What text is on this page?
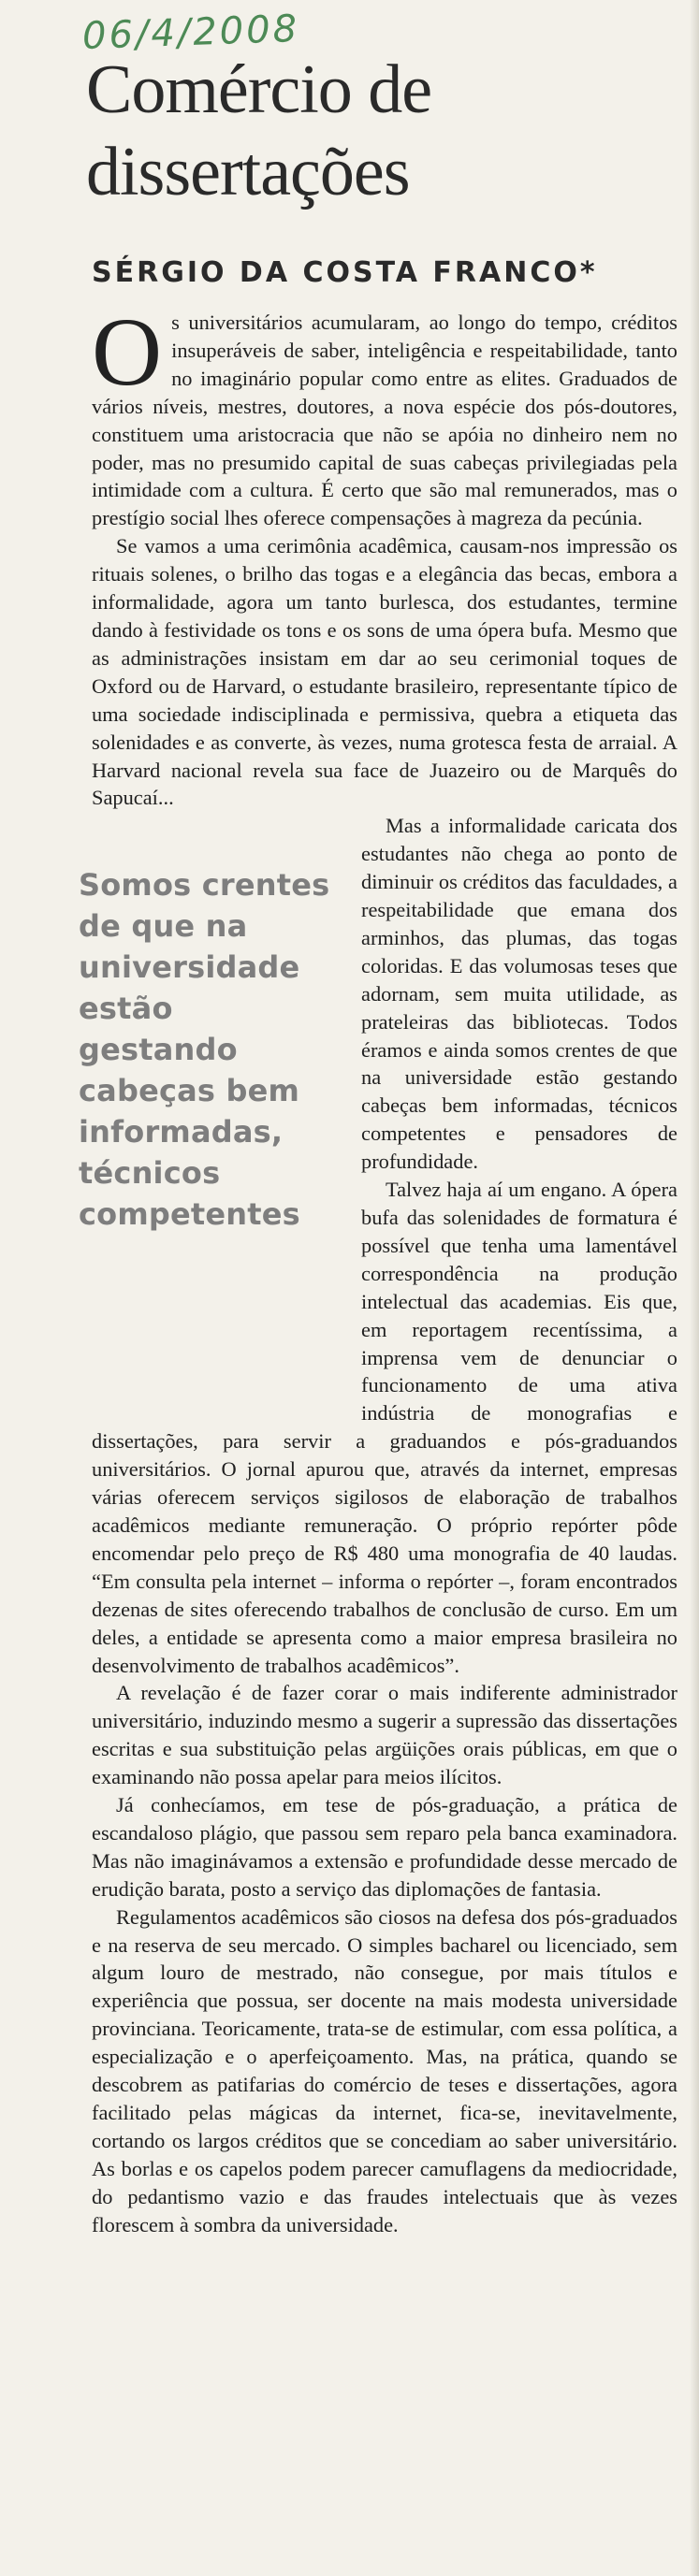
06/4/2008
Comércio de dissertações
SÉRGIO DA COSTA FRANCO*

Os universitários acumularam, ao longo do tempo, créditos insuperáveis de saber, inteligência e respeitabilidade, tanto no imaginário popular como entre as elites. Graduados de vários níveis, mestres, doutores, a nova espécie dos pós-doutores, constituem uma aristocracia que não se apóia no dinheiro nem no poder, mas no presumido capital de suas cabeças privilegiadas pela intimidade com a cultura. É certo que são mal remunerados, mas o prestígio social lhes oferece compensações à magreza da pecúnia.

Se vamos a uma cerimônia acadêmica, causam-nos impressão os rituais solenes, o brilho das togas e a elegância das becas, embora a informalidade, agora um tanto burlesca, dos estudantes, termine dando à festividade os tons e os sons de uma ópera bufa. Mesmo que as administrações insistam em dar ao seu cerimonial toques de Oxford ou de Harvard, o estudante brasileiro, representante típico de uma sociedade indisciplinada e permissiva, quebra a etiqueta das solenidades e as converte, às vezes, numa grotesca festa de arraial. A Harvard nacional revela sua face de Juazeiro ou de Marquês do Sapucaí...

Somos crentes de que na universidade estão gestando cabeças bem informadas, técnicos competentes

Mas a informalidade caricata dos estudantes não chega ao ponto de diminuir os créditos das faculdades, a respeitabilidade que emana dos arminhos, das plumas, das togas coloridas. E das volumosas teses que adornam, sem muita utilidade, as prateleiras das bibliotecas. Todos éramos e ainda somos crentes de que na universidade estão gestando cabeças bem informadas, técnicos competentes e pensadores de profundidade.

Talvez haja aí um engano. A ópera bufa das solenidades de formatura é possível que tenha uma lamentável correspondência na produção intelectual das academias. Eis que, em reportagem recentíssima, a imprensa vem de denunciar o funcionamento de uma ativa indústria de monografias e dissertações, para servir a graduandos e pós-graduandos universitários. O jornal apurou que, através da internet, empresas várias oferecem serviços sigilosos de elaboração de trabalhos acadêmicos mediante remuneração. O próprio repórter pôde encomendar pelo preço de R$ 480 uma monografia de 40 laudas. “Em consulta pela internet – informa o repórter –, foram encontrados dezenas de sites oferecendo trabalhos de conclusão de curso. Em um deles, a entidade se apresenta como a maior empresa brasileira no desenvolvimento de trabalhos acadêmicos”.

A revelação é de fazer corar o mais indiferente administrador universitário, induzindo mesmo a sugerir a supressão das dissertações escritas e sua substituição pelas argüições orais públicas, em que o examinando não possa apelar para meios ilícitos.

Já conhecíamos, em tese de pós-graduação, a prática de escandaloso plágio, que passou sem reparo pela banca examinadora. Mas não imaginávamos a extensão e profundidade desse mercado de erudição barata, posto a serviço das diplomações de fantasia.

Regulamentos acadêmicos são ciosos na defesa dos pós-graduados e na reserva de seu mercado. O simples bacharel ou licenciado, sem algum louro de mestrado, não consegue, por mais títulos e experiência que possua, ser docente na mais modesta universidade provinciana. Teoricamente, trata-se de estimular, com essa política, a especialização e o aperfeiçoamento. Mas, na prática, quando se descobrem as patifarias do comércio de teses e dissertações, agora facilitado pelas mágicas da internet, fica-se, inevitavelmente, cortando os largos créditos que se concediam ao saber universitário. As borlas e os capelos podem parecer camuflagens da mediocridade, do pedantismo vazio e das fraudes intelectuais que às vezes florescem à sombra da universidade.
